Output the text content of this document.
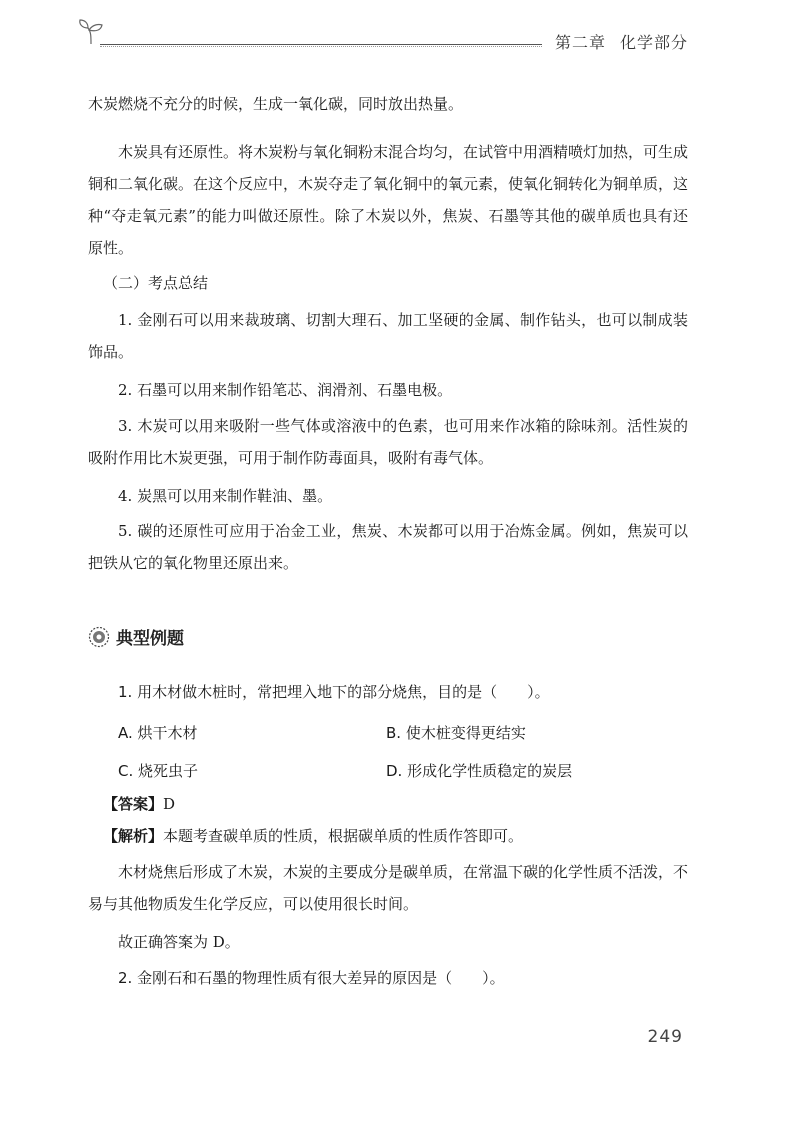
第二章 化学部分

木炭燃烧不充分的时候，生成一氧化碳，同时放出热量。

木炭具有还原性。将木炭粉与氧化铜粉末混合均匀，在试管中用酒精喷灯加热，可生成铜和二氧化碳。在这个反应中，木炭夺走了氧化铜中的氧元素，使氧化铜转化为铜单质，这种“夺走氧元素”的能力叫做还原性。除了木炭以外，焦炭、石墨等其他的碳单质也具有还原性。

（二）考点总结

1. 金刚石可以用来裁玻璃、切割大理石、加工坚硬的金属、制作钻头，也可以制成装饰品。

2. 石墨可以用来制作铅笔芯、润滑剂、石墨电极。

3. 木炭可以用来吸附一些气体或溶液中的色素，也可用来作冰箱的除味剂。活性炭的吸附作用比木炭更强，可用于制作防毒面具，吸附有毒气体。

4. 炭黑可以用来制作鞋油、墨。

5. 碳的还原性可应用于冶金工业，焦炭、木炭都可以用于冶炼金属。例如，焦炭可以把铁从它的氧化物里还原出来。

典型例题

1. 用木材做木桩时，常把埋入地下的部分烧焦，目的是（　　）。

A. 烘干木材	B. 使木桩变得更结实
C. 烧死虫子	D. 形成化学性质稳定的炭层

【答案】D

【解析】本题考查碳单质的性质，根据碳单质的性质作答即可。

木材烧焦后形成了木炭，木炭的主要成分是碳单质，在常温下碳的化学性质不活泼，不易与其他物质发生化学反应，可以使用很长时间。

故正确答案为 D。

2. 金刚石和石墨的物理性质有很大差异的原因是（　　）。

249
